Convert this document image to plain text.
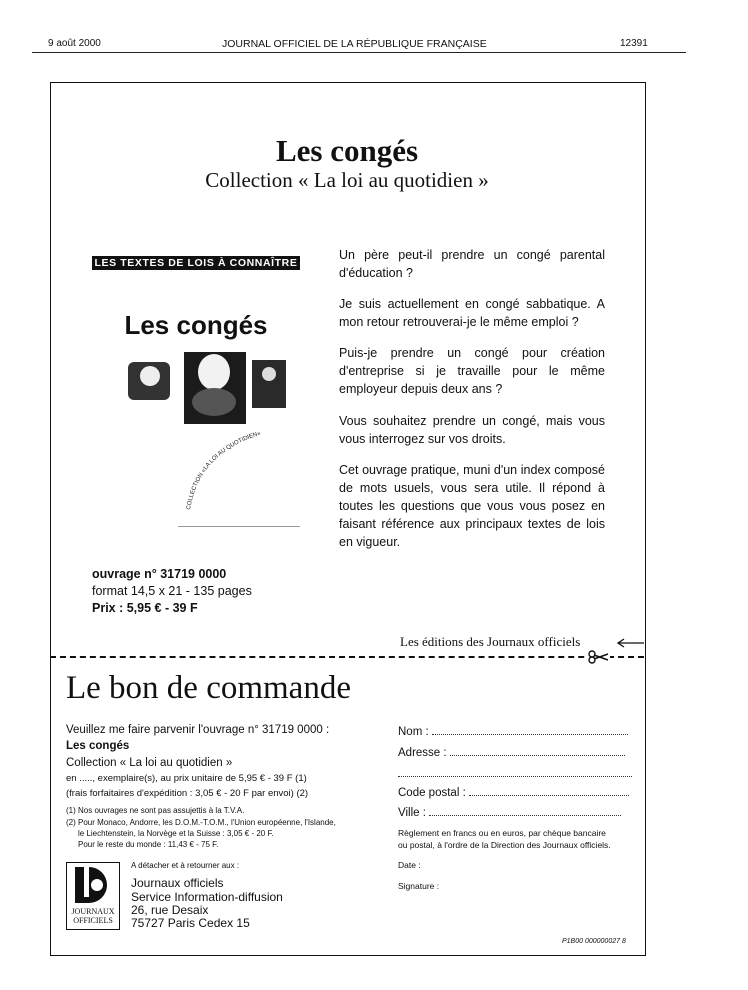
9 août 2000	JOURNAL OFFICIEL DE LA RÉPUBLIQUE FRANÇAISE	12391
Les congés
Collection « La loi au quotidien »
LES TEXTES DE LOIS À CONNAÎTRE
Les congés
COLLECTION «LA LOI AU QUOTIDIEN»
Un père peut-il prendre un congé parental d'éducation ?
Je suis actuellement en congé sabbatique. A mon retour retrouverai-je le même emploi ?
Puis-je prendre un congé pour création d'entreprise si je travaille pour le même employeur depuis deux ans ?
Vous souhaitez prendre un congé, mais vous vous interrogez sur vos droits.
Cet ouvrage pratique, muni d'un index composé de mots usuels, vous sera utile. Il répond à toutes les questions que vous vous posez en faisant référence aux principaux textes de lois en vigueur.
ouvrage n° 31719 0000
format 14,5 x 21 - 135 pages
Prix : 5,95 € - 39 F
Les éditions des Journaux officiels
Le bon de commande
Veuillez me faire parvenir l'ouvrage n° 31719 0000 :
Les congés
Collection « La loi au quotidien »
en ....., exemplaire(s), au prix unitaire de 5,95 € - 39 F (1)
(frais forfaitaires d'expédition : 3,05 € - 20 F par envoi) (2)
(1) Nos ouvrages ne sont pas assujettis à la T.V.A.
(2) Pour Monaco, Andorre, les D.O.M.-T.O.M., l'Union européenne, l'Islande,
le Liechtenstein, la Norvège et la Suisse : 3,05 € - 20 F.
Pour le reste du monde : 11,43 € - 75 F.
A détacher et à retourner aux :
JOURNAUX
OFFICIELS
Journaux officiels
Service Information-diffusion
26, rue Desaix
75727 Paris Cedex 15
Nom :
Adresse :
Code postal :
Ville :
Règlement en francs ou en euros, par chèque bancaire
ou postal, à l'ordre de la Direction des Journaux officiels.
Date :
Signature :
P1B00 000000027 8
